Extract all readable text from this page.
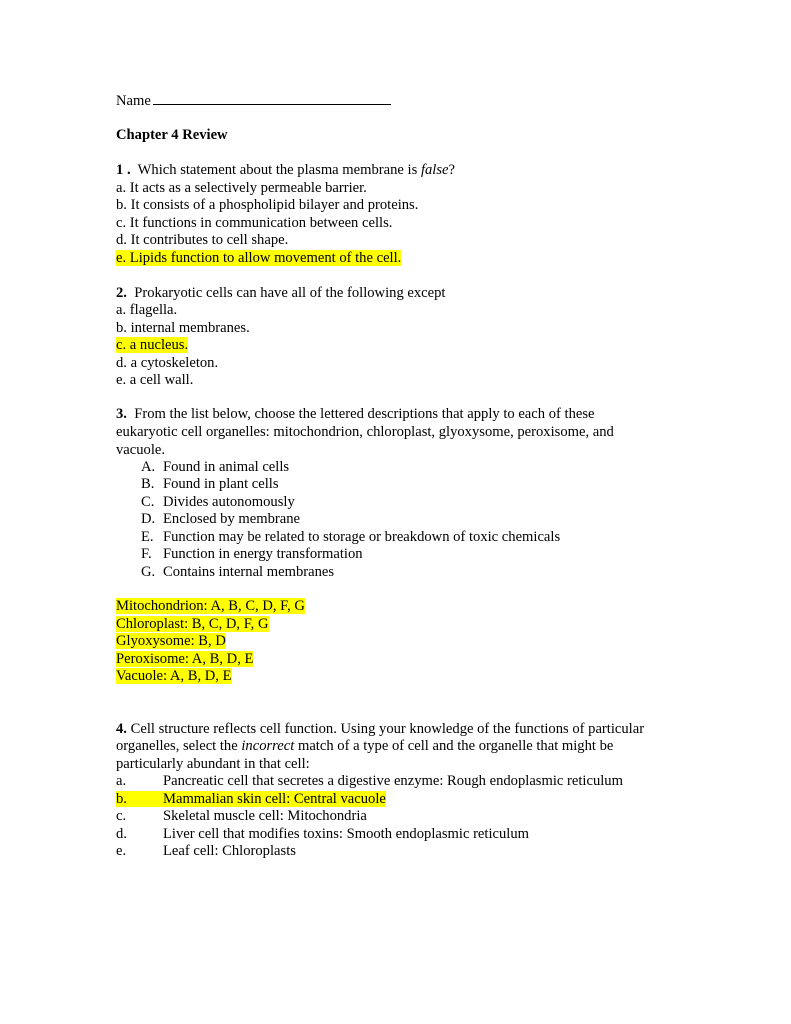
Name
Chapter 4 Review
1 . Which statement about the plasma membrane is false?
a. It acts as a selectively permeable barrier.
b. It consists of a phospholipid bilayer and proteins.
c. It functions in communication between cells.
d. It contributes to cell shape.
e. Lipids function to allow movement of the cell.
2. Prokaryotic cells can have all of the following except
a. flagella.
b. internal membranes.
c. a nucleus.
d. a cytoskeleton.
e. a cell wall.
3. From the list below, choose the lettered descriptions that apply to each of these
eukaryotic cell organelles: mitochondrion, chloroplast, glyoxysome, peroxisome, and
vacuole.
A. Found in animal cells
B. Found in plant cells
C. Divides autonomously
D. Enclosed by membrane
E. Function may be related to storage or breakdown of toxic chemicals
F. Function in energy transformation
G. Contains internal membranes
Mitochondrion: A, B, C, D, F, G
Chloroplast: B, C, D, F, G
Glyoxysome: B, D
Peroxisome: A, B, D, E
Vacuole: A, B, D, E
4. Cell structure reflects cell function. Using your knowledge of the functions of particular
organelles, select the incorrect match of a type of cell and the organelle that might be
particularly abundant in that cell:
a.	Pancreatic cell that secretes a digestive enzyme: Rough endoplasmic reticulum
b. Mammalian skin cell: Central vacuole
c.	Skeletal muscle cell: Mitochondria
d. Liver cell that modifies toxins: Smooth endoplasmic reticulum
e.	Leaf cell: Chloroplasts
